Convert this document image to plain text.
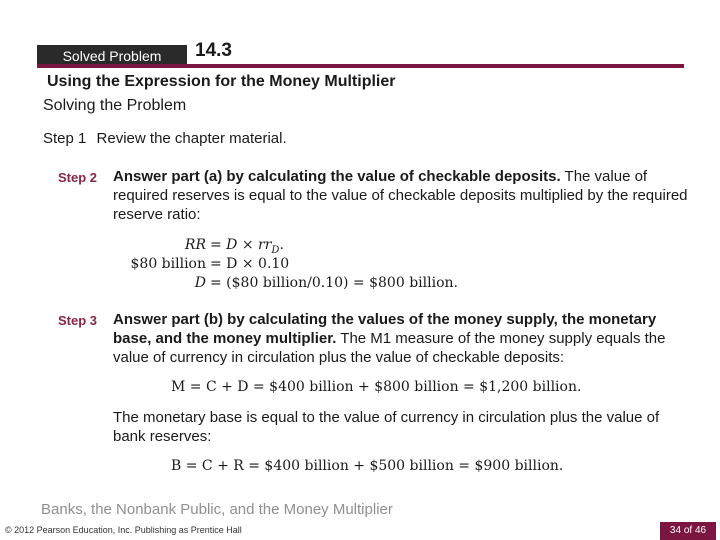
Solved Problem	14.3
Using the Expression for the Money Multiplier
Solving the Problem
Step 1 Review the chapter material.
Step 2 Answer part (a) by calculating the value of checkable deposits. The value of required reserves is equal to the value of checkable deposits multiplied by the required reserve ratio:
RR = $D \times rr_D$.
$80 billion = D × 0.10
D = ($80 billion/0.10) = $800 billion.
Step 3 Answer part (b) by calculating the values of the money supply, the monetary base, and the money multiplier. The M1 measure of the money supply equals the value of currency in circulation plus the value of checkable deposits:
M = C + D = $400 billion + $800 billion = $1,200 billion.
The monetary base is equal to the value of currency in circulation plus the value of bank reserves:
B = C + R = $400 billion + $500 billion = $900 billion.
Banks, the Nonbank Public, and the Money Multiplier
© 2012 Pearson Education, Inc. Publishing as Prentice Hall	34 of 46
